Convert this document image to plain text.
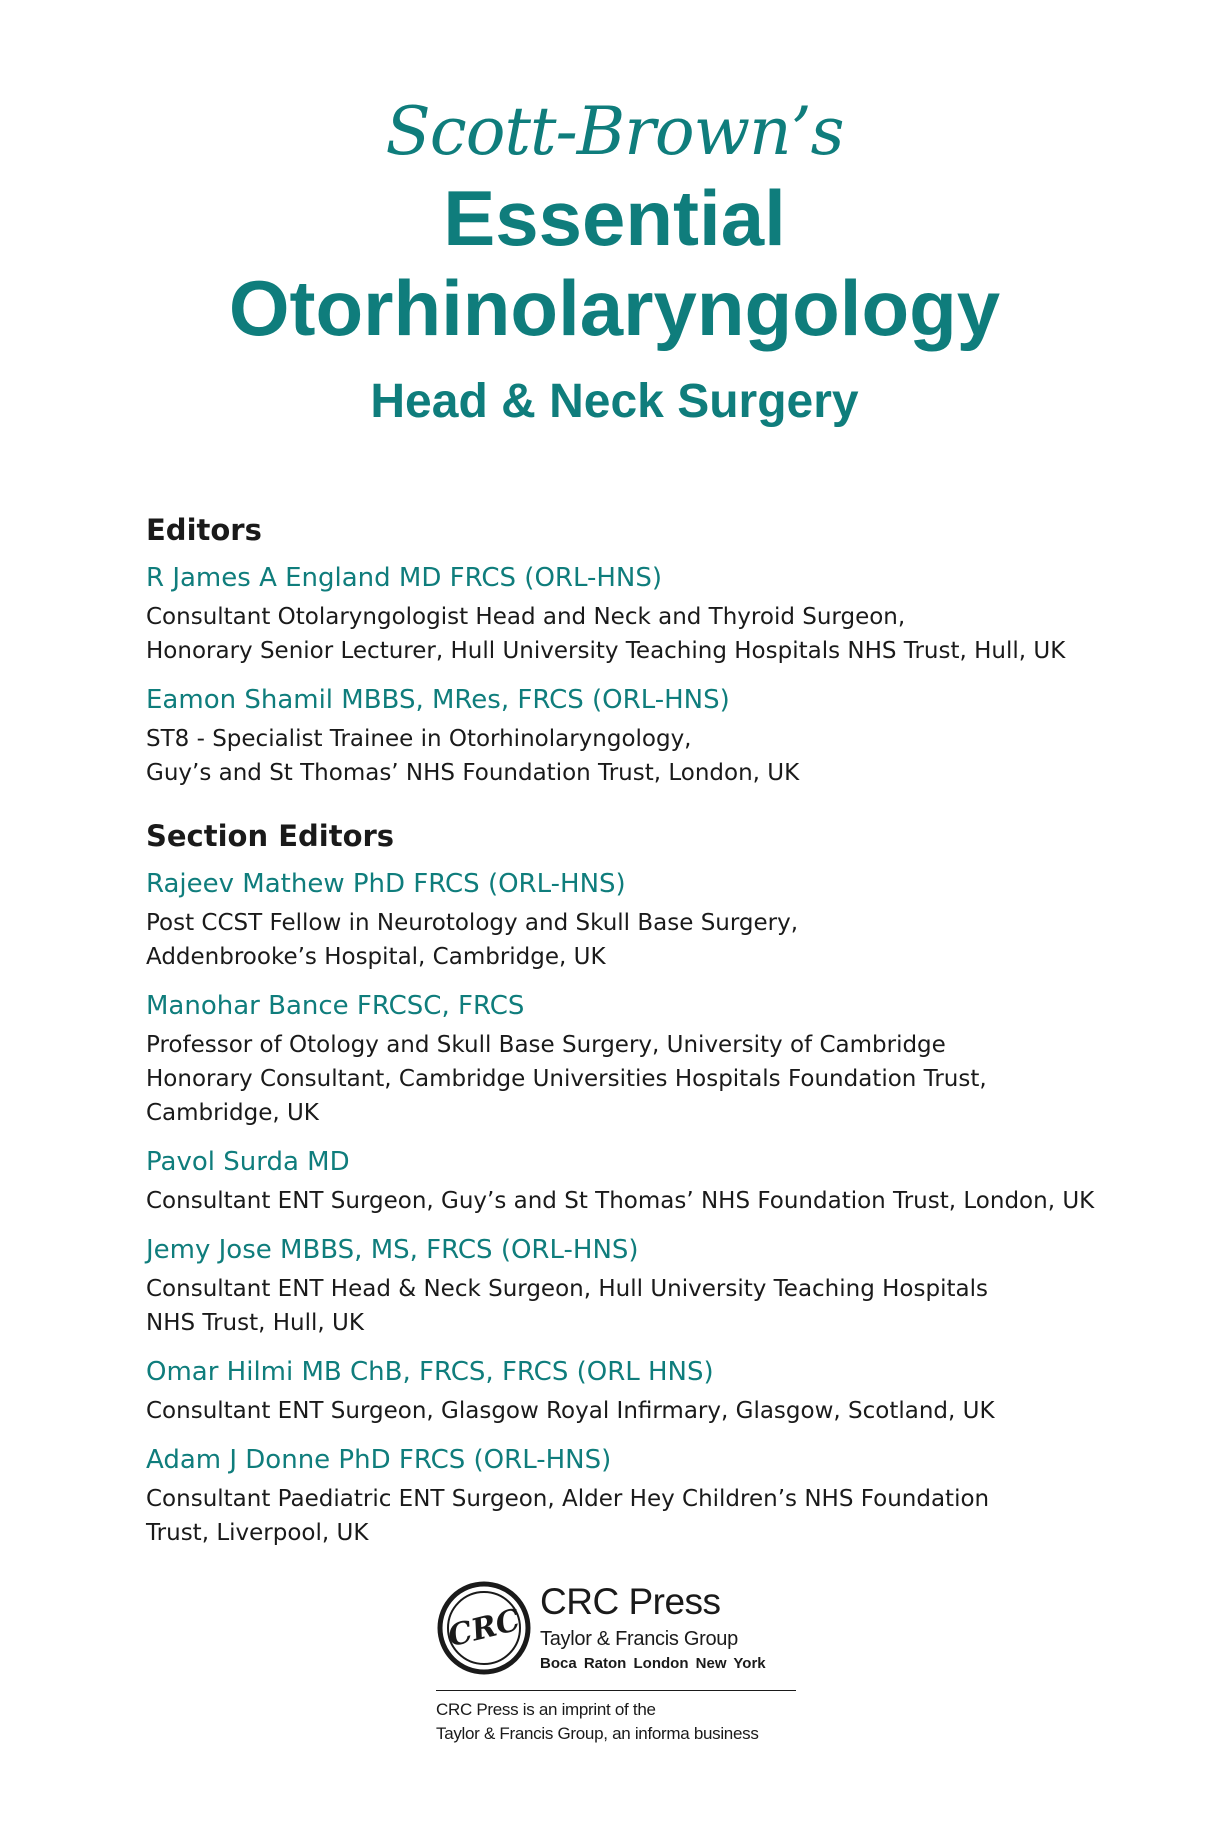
Scott-Brown’s
Essential
Otorhinolaryngology
Head & Neck Surgery
Editors
R James A England MD FRCS (ORL-HNS)
Consultant Otolaryngologist Head and Neck and Thyroid Surgeon,
Honorary Senior Lecturer, Hull University Teaching Hospitals NHS Trust, Hull, UK
Eamon Shamil MBBS, MRes, FRCS (ORL-HNS)
ST8 - Specialist Trainee in Otorhinolaryngology,
Guy’s and St Thomas’ NHS Foundation Trust, London, UK
Section Editors
Rajeev Mathew PhD FRCS (ORL-HNS)
Post CCST Fellow in Neurotology and Skull Base Surgery,
Addenbrooke’s Hospital, Cambridge, UK
Manohar Bance FRCSC, FRCS
Professor of Otology and Skull Base Surgery, University of Cambridge
Honorary Consultant, Cambridge Universities Hospitals Foundation Trust,
Cambridge, UK
Pavol Surda MD
Consultant ENT Surgeon, Guy’s and St Thomas’ NHS Foundation Trust, London, UK
Jemy Jose MBBS, MS, FRCS (ORL-HNS)
Consultant ENT Head & Neck Surgeon, Hull University Teaching Hospitals
NHS Trust, Hull, UK
Omar Hilmi MB ChB, FRCS, FRCS (ORL HNS)
Consultant ENT Surgeon, Glasgow Royal Infirmary, Glasgow, Scotland, UK
Adam J Donne PhD FRCS (ORL-HNS)
Consultant Paediatric ENT Surgeon, Alder Hey Children’s NHS Foundation
Trust, Liverpool, UK
CRC
CRC Press
Taylor & Francis Group
Boca Raton London New York
CRC Press is an imprint of the
Taylor & Francis Group, an informa business
